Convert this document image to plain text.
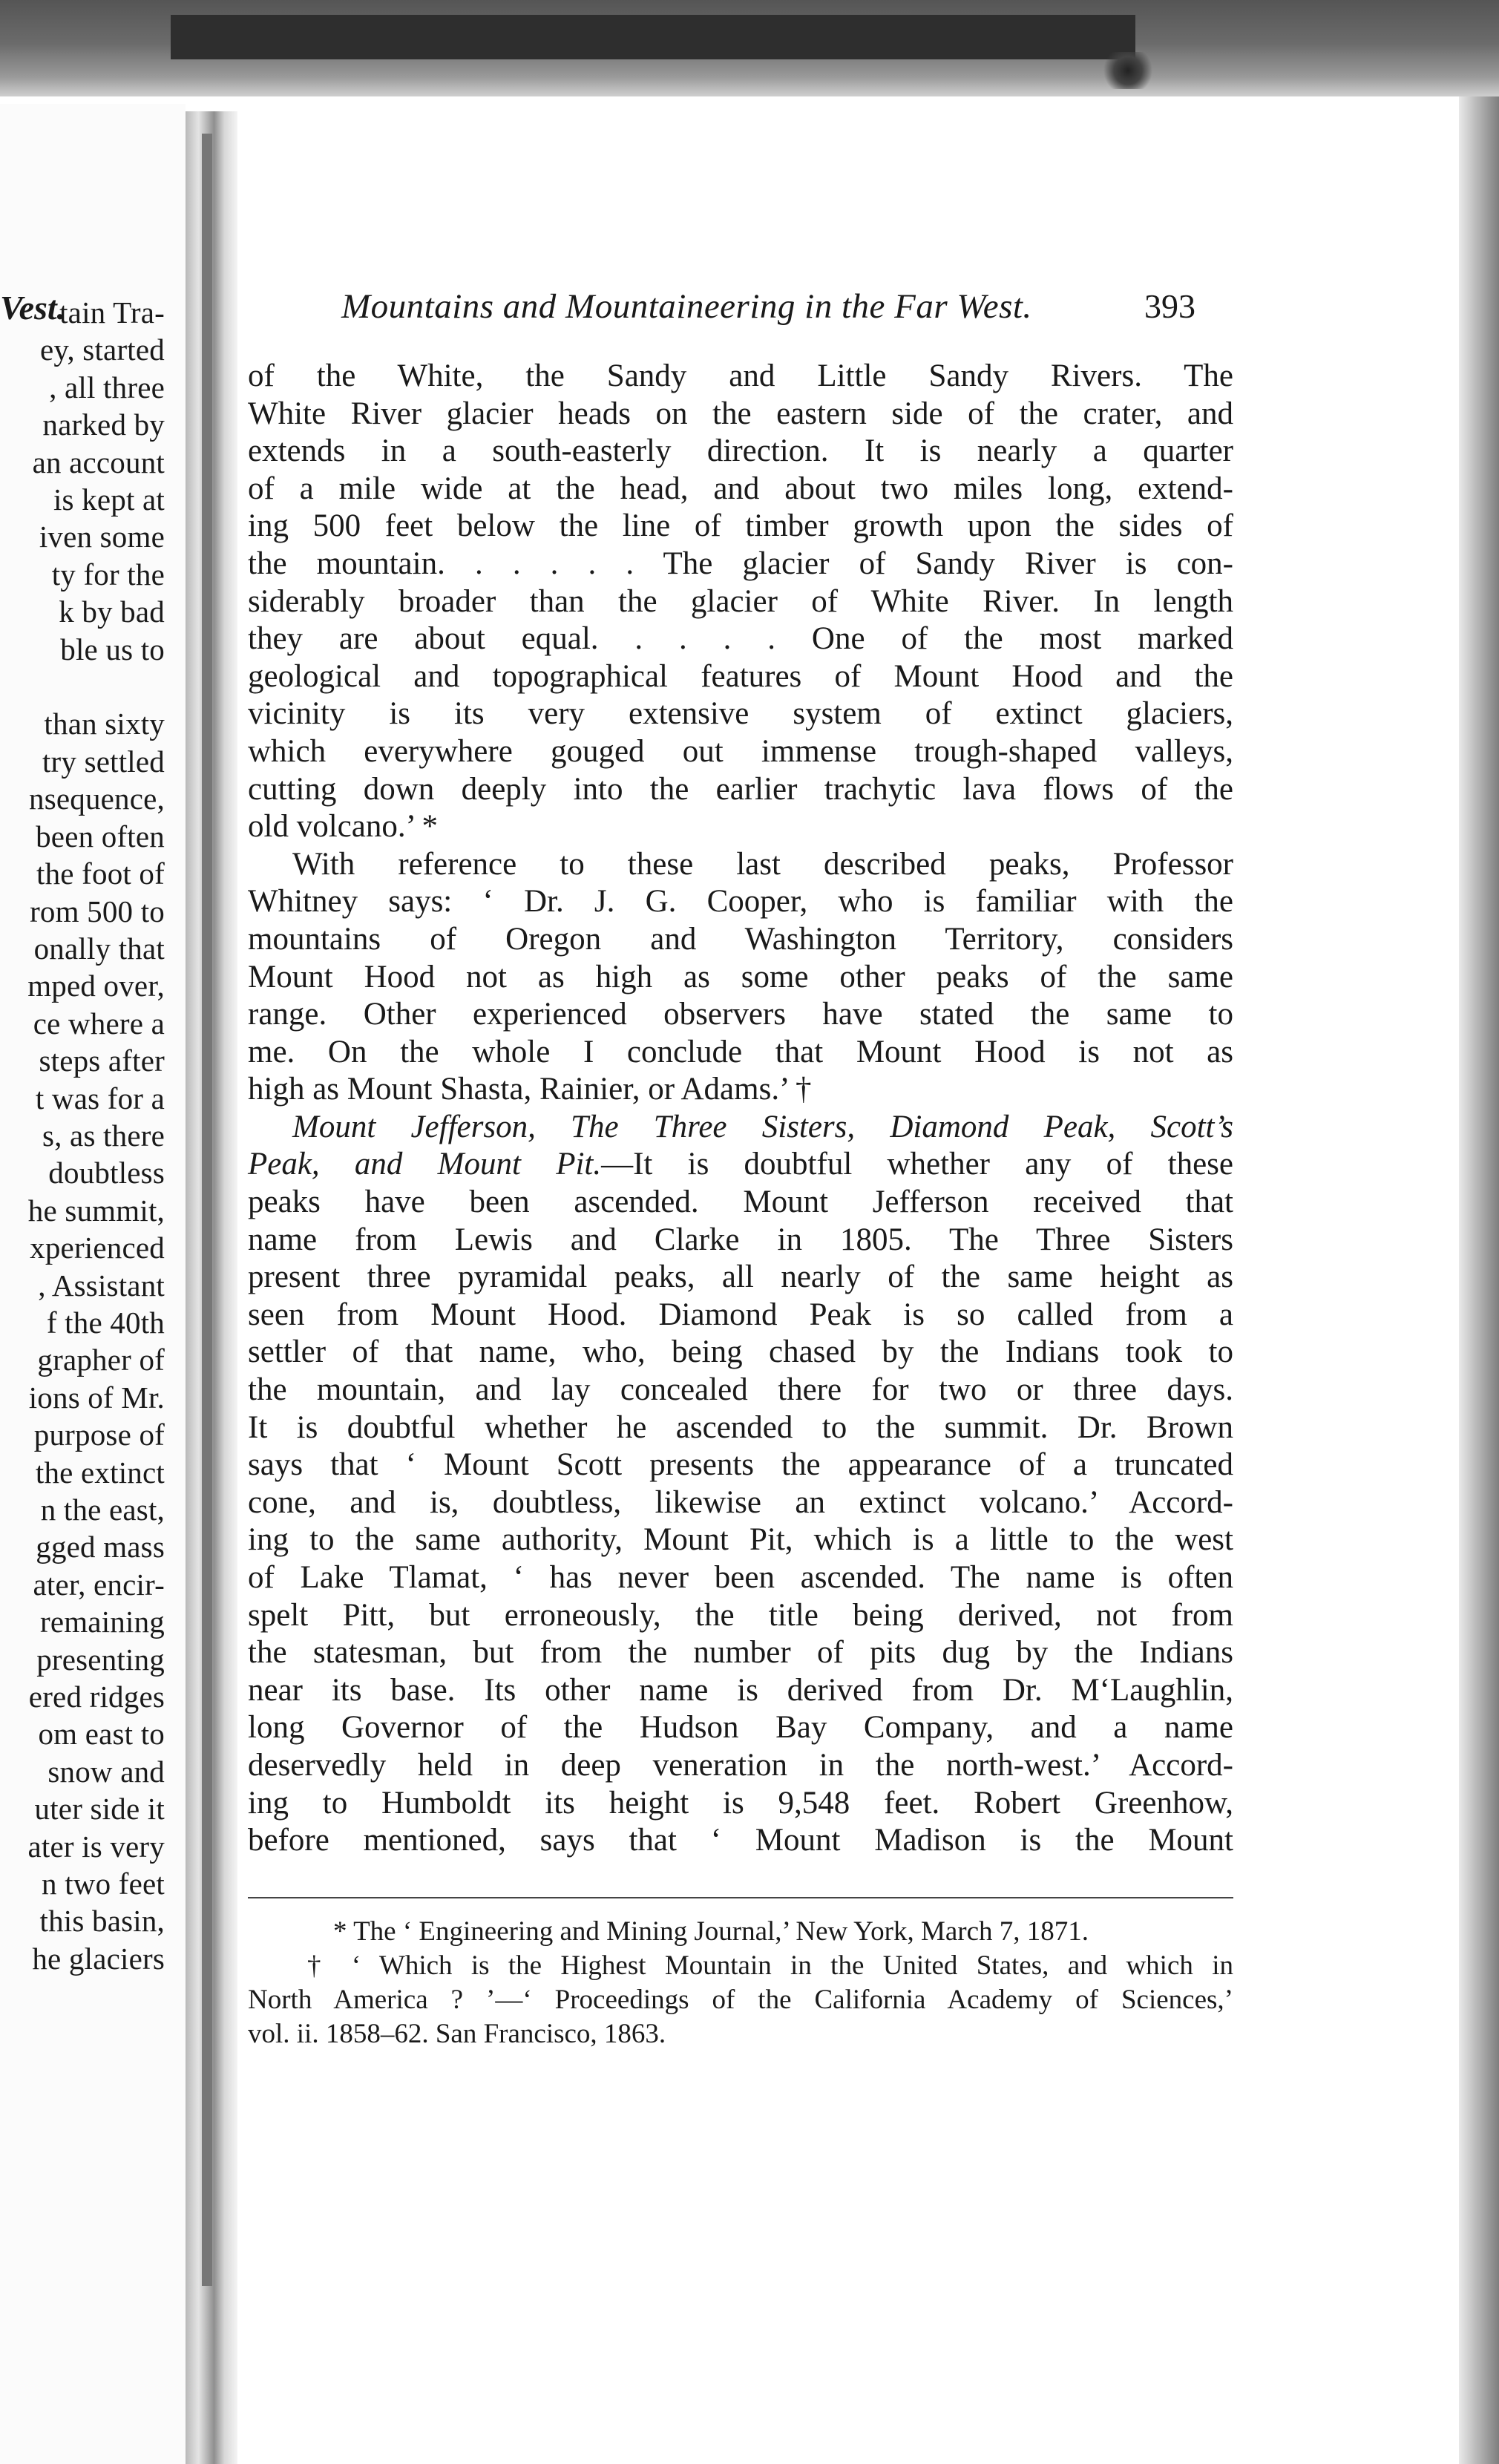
tain Tra-
ey, started
, all three
narked by
an account
is kept at
iven some
ty for the
k by bad
ble us to

than sixty
try settled
nsequence,
been often
the foot of
rom 500 to
onally that
mped over,
ce where a
steps after
t was for a
s, as there
doubtless
he summit,
xperienced
, Assistant
f the 40th
grapher of
ions of Mr.
purpose of
the extinct
n the east,
gged mass
ater, encir-
remaining
presenting
ered ridges
om east to
snow and
uter side it
ater is very
n two feet
this basin,
he glaciers
Vest.	Mountains and Mountaineering in the Far West.	393
of the White, the Sandy and Little Sandy Rivers. The
White River glacier heads on the eastern side of the crater, and
extends in a south-easterly direction. It is nearly a quarter
of a mile wide at the head, and about two miles long, extend-
ing 500 feet below the line of timber growth upon the sides of
the mountain. . . . . . The glacier of Sandy River is con-
siderably broader than the glacier of White River. In length
they are about equal. . . . . One of the most marked
geological and topographical features of Mount Hood and the
vicinity is its very extensive system of extinct glaciers,
which everywhere gouged out immense trough-shaped valleys,
cutting down deeply into the earlier trachytic lava flows of the
old volcano.’ *
With reference to these last described peaks, Professor
Whitney says: ‘ Dr. J. G. Cooper, who is familiar with the
mountains of Oregon and Washington Territory, considers
Mount Hood not as high as some other peaks of the same
range. Other experienced observers have stated the same to
me. On the whole I conclude that Mount Hood is not as
high as Mount Shasta, Rainier, or Adams.’ †
Mount Jefferson, The Three Sisters, Diamond Peak, Scott’s
Peak, and Mount Pit.—It is doubtful whether any of these
peaks have been ascended. Mount Jefferson received that
name from Lewis and Clarke in 1805. The Three Sisters
present three pyramidal peaks, all nearly of the same height as
seen from Mount Hood. Diamond Peak is so called from a
settler of that name, who, being chased by the Indians took to
the mountain, and lay concealed there for two or three days.
It is doubtful whether he ascended to the summit. Dr. Brown
says that ‘ Mount Scott presents the appearance of a truncated
cone, and is, doubtless, likewise an extinct volcano.’ Accord-
ing to the same authority, Mount Pit, which is a little to the west
of Lake Tlamat, ‘ has never been ascended. The name is often
spelt Pitt, but erroneously, the title being derived, not from
the statesman, but from the number of pits dug by the Indians
near its base. Its other name is derived from Dr. M‘Laughlin,
long Governor of the Hudson Bay Company, and a name
deservedly held in deep veneration in the north-west.’ Accord-
ing to Humboldt its height is 9,548 feet. Robert Greenhow,
before mentioned, says that ‘ Mount Madison is the Mount
* The ‘ Engineering and Mining Journal,’ New York, March 7, 1871.
† ‘ Which is the Highest Mountain in the United States, and which in
North America ? ’—‘ Proceedings of the California Academy of Sciences,’
vol. ii. 1858–62. San Francisco, 1863.
